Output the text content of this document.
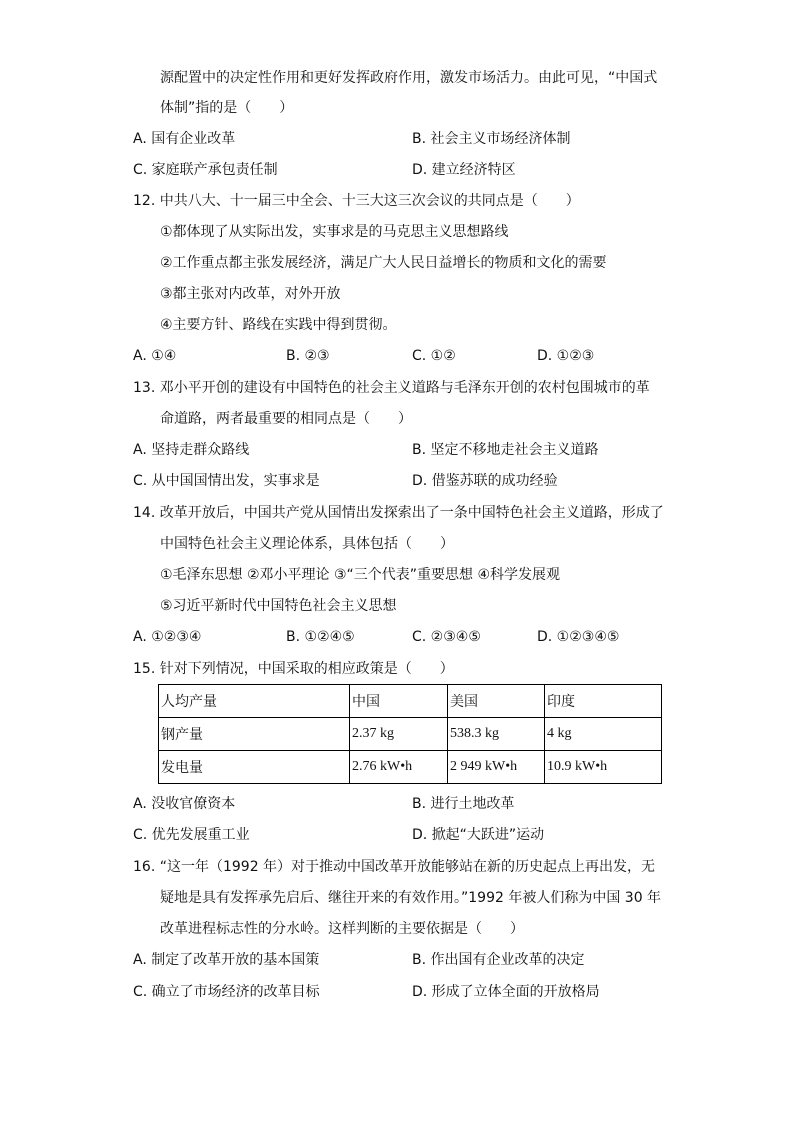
源配置中的决定性作用和更好发挥政府作用，激发市场活力。由此可见，“中国式
体制”指的是（　　）
A. 国有企业改革	B. 社会主义市场经济体制
C. 家庭联产承包责任制	D. 建立经济特区
12. 中共八大、十一届三中全会、十三大这三次会议的共同点是（　　）
①都体现了从实际出发，实事求是的马克思主义思想路线
②工作重点都主张发展经济，满足广大人民日益增长的物质和文化的需要
③都主张对内改革，对外开放
④主要方针、路线在实践中得到贯彻。
A. ①④	B. ②③	C. ①②	D. ①②③
13. 邓小平开创的建设有中国特色的社会主义道路与毛泽东开创的农村包围城市的革
命道路，两者最重要的相同点是（　　）
A. 坚持走群众路线	B. 坚定不移地走社会主义道路
C. 从中国国情出发，实事求是	D. 借鉴苏联的成功经验
14. 改革开放后，中国共产党从国情出发探索出了一条中国特色社会主义道路，形成了
中国特色社会主义理论体系，具体包括（　　）
①毛泽东思想 ②邓小平理论 ③“三个代表”重要思想 ④科学发展观
⑤习近平新时代中国特色社会主义思想
A. ①②③④	B. ①②④⑤	C. ②③④⑤	D. ①②③④⑤
15. 针对下列情况，中国采取的相应政策是（　　）
人均产量	中国	美国	印度
钢产量	2.37 kg	538.3 kg	4 kg
发电量	2.76 kW•h	2 949 kW•h	10.9 kW•h
A. 没收官僚资本	B. 进行土地改革
C. 优先发展重工业	D. 掀起“大跃进”运动
16. “这一年（1992 年）对于推动中国改革开放能够站在新的历史起点上再出发，无
疑地是具有发挥承先启后、继往开来的有效作用。”1992 年被人们称为中国 30 年
改革进程标志性的分水岭。这样判断的主要依据是（　　）
A. 制定了改革开放的基本国策	B. 作出国有企业改革的决定
C. 确立了市场经济的改革目标	D. 形成了立体全面的开放格局
